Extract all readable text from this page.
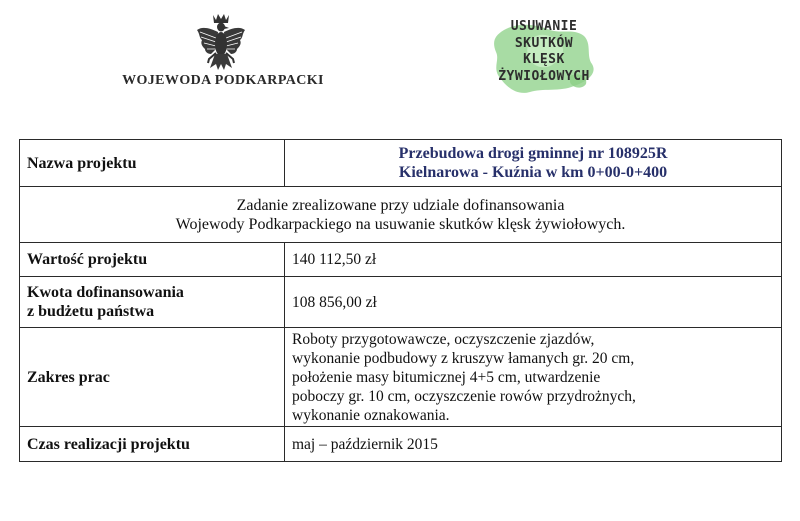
WOJEWODA PODKARPACKI
USUWANIE
SKUTKÓW
KLĘSK
ŻYWIOŁOWYCH
Nazwa projektu	Przebudowa drogi gminnej nr 108925R
Kielnarowa - Kuźnia w km 0+00-0+400

Zadanie zrealizowane przy udziale dofinansowania
Wojewody Podkarpackiego na usuwanie skutków klęsk żywiołowych.	

Wartość projektu	140 112,50 zł

Kwota dofinansowania
z budżetu państwa	108 856,00 zł
Zakres prac	Roboty przygotowawcze, oczyszczenie zjazdów,
wykonanie podbudowy z kruszyw łamanych gr. 20 cm,
położenie masy bitumicznej 4+5 cm, utwardzenie
poboczy gr. 10 cm, oczyszczenie rowów przydrożnych,
wykonanie oznakowania.

Czas realizacji projektu	maj – październik 2015
